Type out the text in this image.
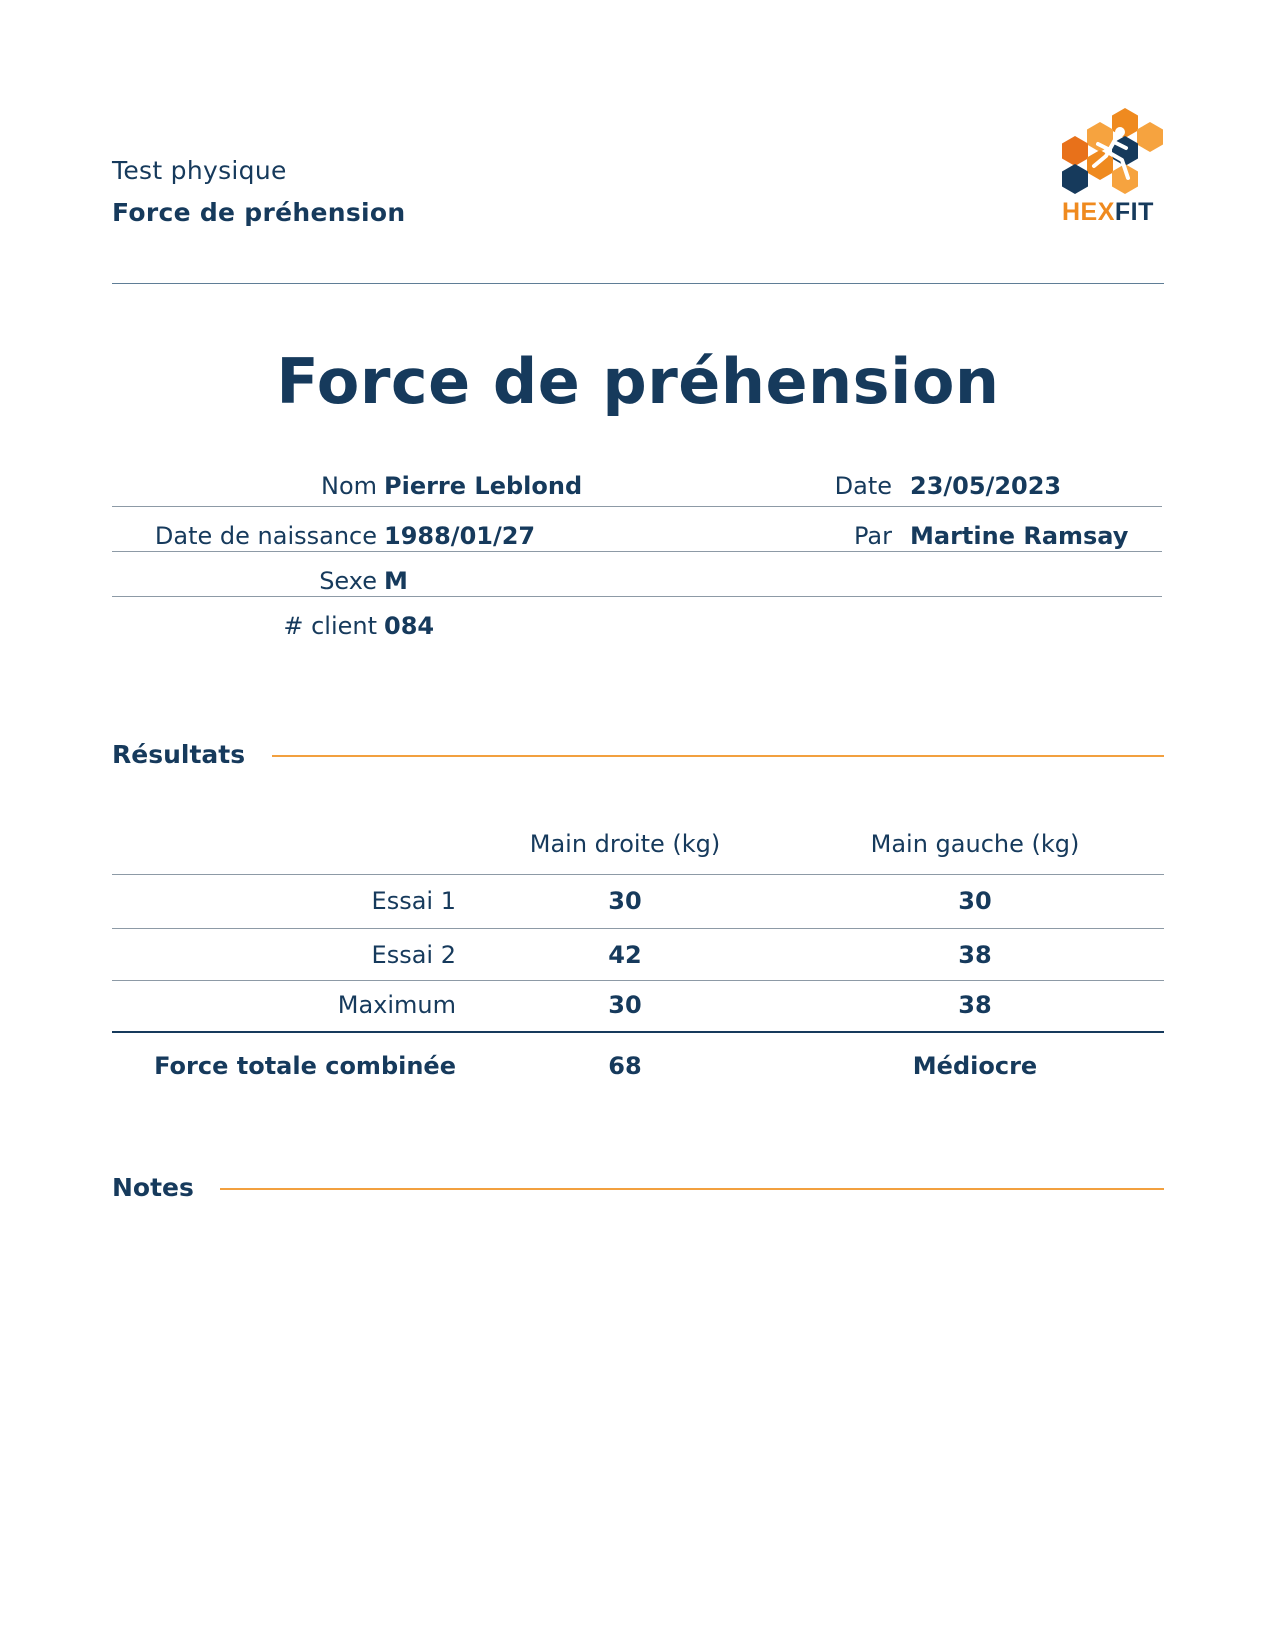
Test physique
Force de préhension	HEXFIT
Force de préhension
Nom Pierre Leblond	Date 23/05/2023
Date de naissance 1988/01/27	Par Martine Ramsay
Sexe M
# client 084
Résultats
Main droite (kg)	Main gauche (kg)
Essai 1	30	30
Essai 2	42	38
Maximum	30	38
Force totale combinée	68	Médiocre
Notes
